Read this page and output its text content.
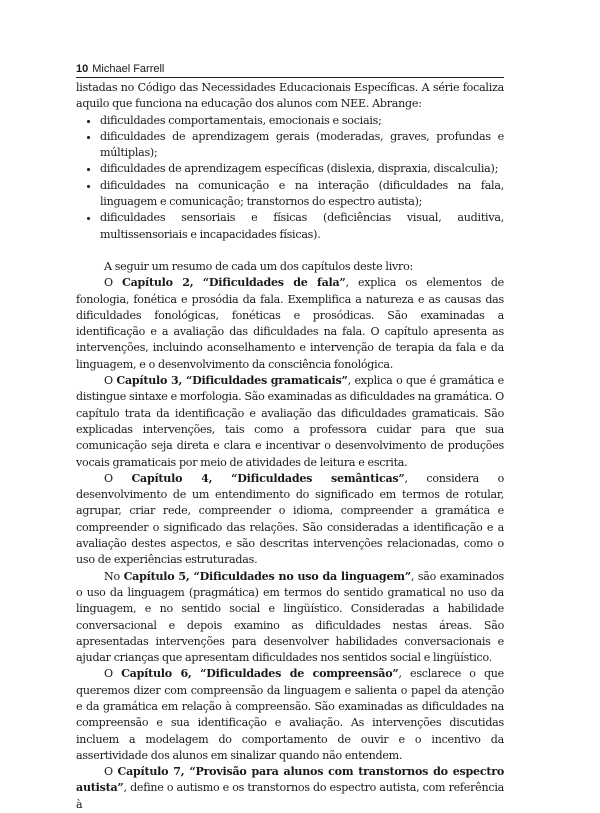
10 Michael Farrell

listadas no Código das Necessidades Educacionais Específicas. A série focaliza aquilo que funciona na educação dos alunos com NEE. Abrange:

• dificuldades comportamentais, emocionais e sociais;
• dificuldades de aprendizagem gerais (moderadas, graves, profundas e múltiplas);
• dificuldades de aprendizagem específicas (dislexia, dispraxia, discalculia);
• dificuldades na comunicação e na interação (dificuldades na fala, linguagem e comunicação; transtornos do espectro autista);
• dificuldades sensoriais e físicas (deficiências visual, auditiva, multissensoriais e incapacidades físicas).

A seguir um resumo de cada um dos capítulos deste livro:

O Capítulo 2, “Dificuldades de fala”, explica os elementos de fonologia, fonética e prosódia da fala. Exemplifica a natureza e as causas das dificuldades fonológicas, fonéticas e prosódicas. São examinadas a identificação e a avaliação das dificuldades na fala. O capítulo apresenta as intervenções, incluindo aconselhamento e intervenção de terapia da fala e da linguagem, e o desenvolvimento da consciência fonológica.

O Capítulo 3, “Dificuldades gramaticais”, explica o que é gramática e distingue sintaxe e morfologia. São examinadas as dificuldades na gramática. O capítulo trata da identificação e avaliação das dificuldades gramaticais. São explicadas intervenções, tais como a professora cuidar para que sua comunicação seja direta e clara e incentivar o desenvolvimento de produções vocais gramaticais por meio de atividades de leitura e escrita.

O Capítulo 4, “Dificuldades semânticas”, considera o desenvolvimento de um entendimento do significado em termos de rotular, agrupar, criar rede, compreender o idioma, compreender a gramática e compreender o significado das relações. São consideradas a identificação e a avaliação destes aspectos, e são descritas intervenções relacionadas, como o uso de experiências estruturadas.

No Capítulo 5, “Dificuldades no uso da linguagem”, são examinados o uso da linguagem (pragmática) em termos do sentido gramatical no uso da linguagem, e no sentido social e lingüístico. Consideradas a habilidade conversacional e depois examino as dificuldades nestas áreas. São apresentadas intervenções para desenvolver habilidades conversacionais e ajudar crianças que apresentam dificuldades nos sentidos social e lingüístico.

O Capítulo 6, “Dificuldades de compreensão”, esclarece o que queremos dizer com compreensão da linguagem e salienta o papel da atenção e da gramática em relação à compreensão. São examinadas as dificuldades na compreensão e sua identificação e avaliação. As intervenções discutidas incluem a modelagem do comportamento de ouvir e o incentivo da assertividade dos alunos em sinalizar quando não entendem.

O Capítulo 7, “Provisão para alunos com transtornos do espectro autista”, define o autismo e os transtornos do espectro autista, com referência à
